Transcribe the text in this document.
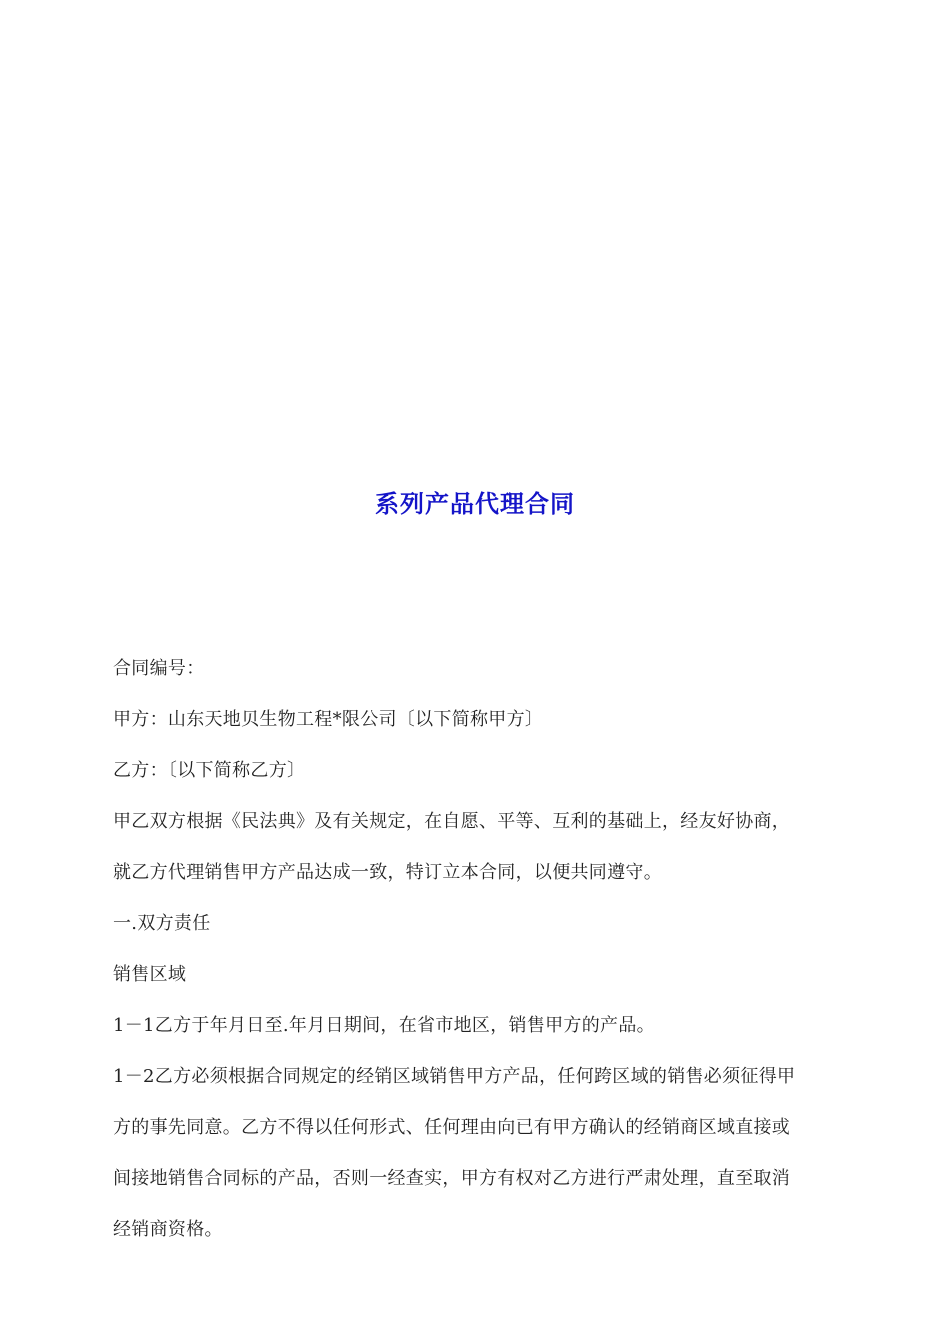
系列产品代理合同
合同编号：
甲方：山东天地贝生物工程*限公司〔以下简称甲方〕
乙方：〔以下简称乙方〕
甲乙双方根据《民法典》及有关规定，在自愿、平等、互利的基础上，经友好协商，
就乙方代理销售甲方产品达成一致，特订立本合同，以便共同遵守。
一.双方责任
销售区域
1－1乙方于年月日至.年月日期间，在省市地区，销售甲方的产品。
1－2乙方必须根据合同规定的经销区域销售甲方产品，任何跨区域的销售必须征得甲
方的事先同意。乙方不得以任何形式、任何理由向已有甲方确认的经销商区域直接或
间接地销售合同标的产品，否则一经查实，甲方有权对乙方进行严肃处理，直至取消
经销商资格。
